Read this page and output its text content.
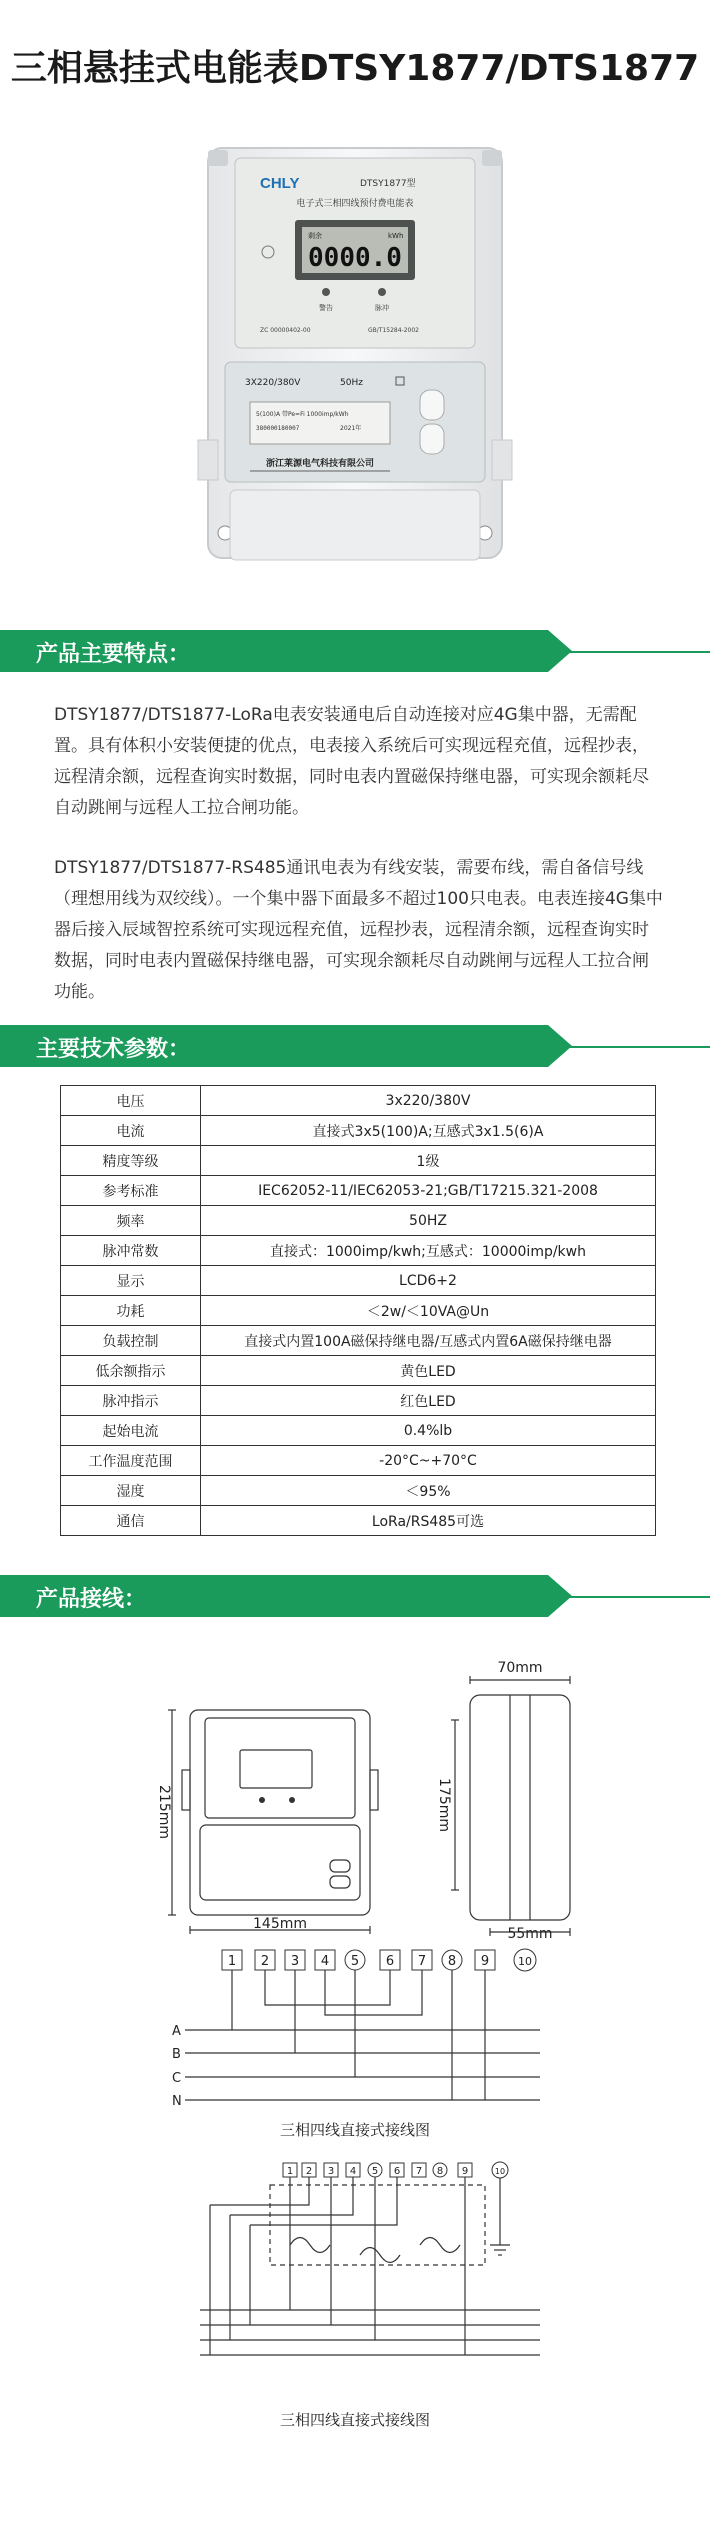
三相悬挂式电能表DTSY1877/DTS1877
CHLY	DTSY1877型
电子式三相四线预付费电能表
剩余	kWh
0000.0
警告	脉冲
ZC 00000402-00	GB/T15284-2002
3X220/380V	50Hz
5(100)A 带Pe=Fi 1000imp/kWh
380000180007	2021年
浙江莱源电气科技有限公司
产品主要特点：
DTSY1877/DTS1877-LoRa电表安装通电后自动连接对应4G集中器，无需配置。具有体积小安装便捷的优点，电表接入系统后可实现远程充值，远程抄表，远程清余额，远程查询实时数据，同时电表内置磁保持继电器，可实现余额耗尽自动跳闸与远程人工拉合闸功能。
DTSY1877/DTS1877-RS485通讯电表为有线安装，需要布线，需自备信号线（理想用线为双绞线）。一个集中器下面最多不超过100只电表。电表连接4G集中器后接入辰域智控系统可实现远程充值，远程抄表，远程清余额，远程查询实时数据，同时电表内置磁保持继电器，可实现余额耗尽自动跳闸与远程人工拉合闸功能。
主要技术参数：
电压	3x220/380V
电流	直接式3x5(100)A;互感式3x1.5(6)A
精度等级	1级
参考标准	IEC62052-11/IEC62053-21;GB/T17215.321-2008
频率	50HZ
脉冲常数	直接式：1000imp/kwh;互感式：10000imp/kwh
显示	LCD6+2
功耗	＜2w/＜10VA@Un
负载控制	直接式内置100A磁保持继电器/互感式内置6A磁保持继电器
低余额指示	黄色LED
脉冲指示	红色LED
起始电流	0.4%lb
工作温度范围	-20°C~+70°C
湿度	＜95%
通信	LoRa/RS485可选
产品接线：
145mm
215mm
70mm
175mm
55mm
1 2 3 4 5 6 7 8 9	10
A
B
C
N
三相四线直接式接线图
1 2 3 4 5 6 7 8 9	10
三相四线直接式接线图
